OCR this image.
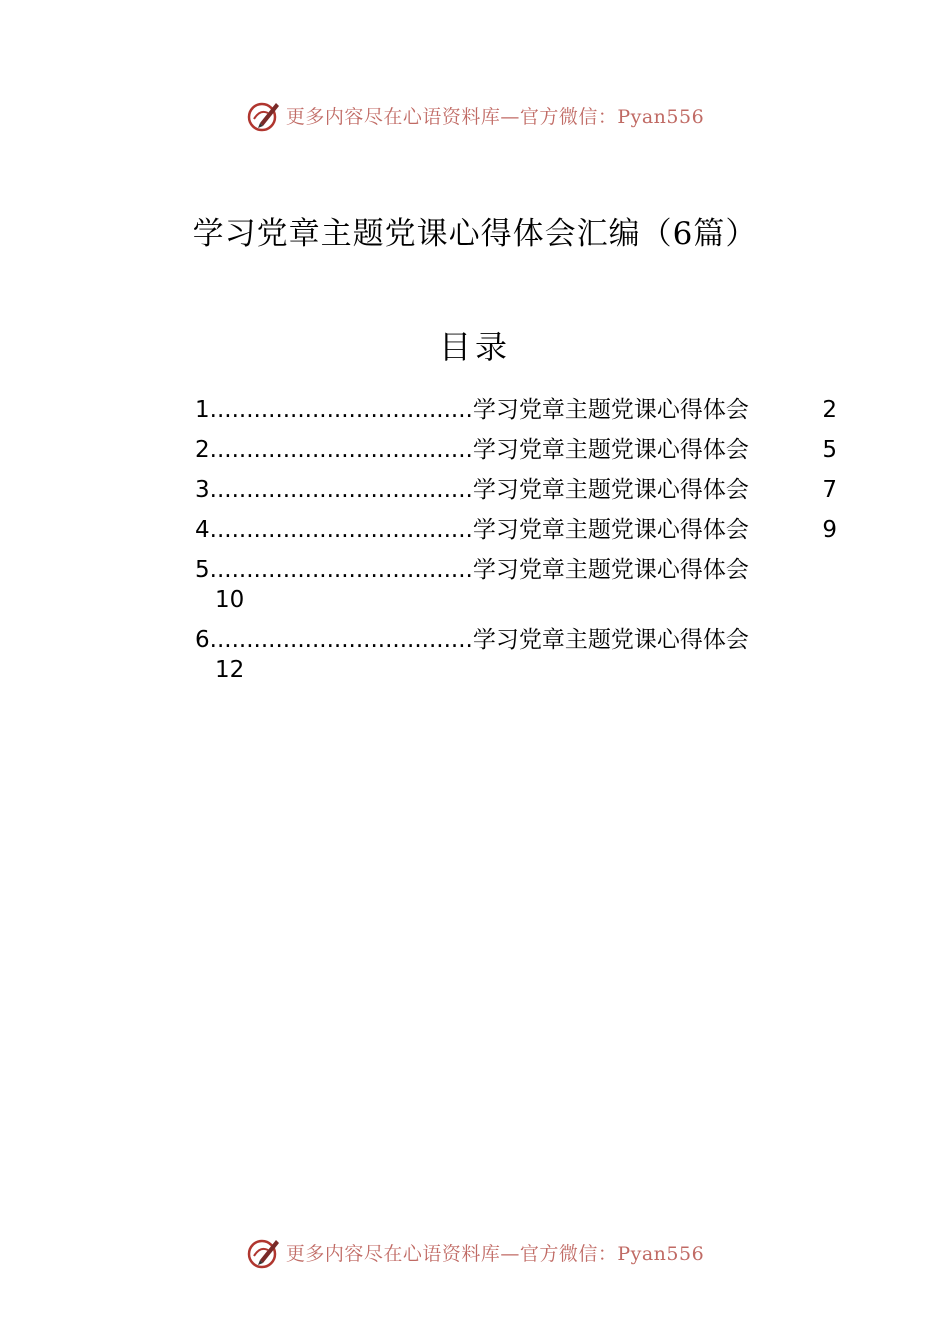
更多内容尽在心语资料库—官方微信：Pyan556
学习党章主题党课心得体会汇编（6篇）
目录
1....................................学习党章主题党课心得体会	2
2....................................学习党章主题党课心得体会	5
3....................................学习党章主题党课心得体会	7
4....................................学习党章主题党课心得体会	9
5....................................学习党章主题党课心得体会
10
6....................................学习党章主题党课心得体会
12
更多内容尽在心语资料库—官方微信：Pyan556
